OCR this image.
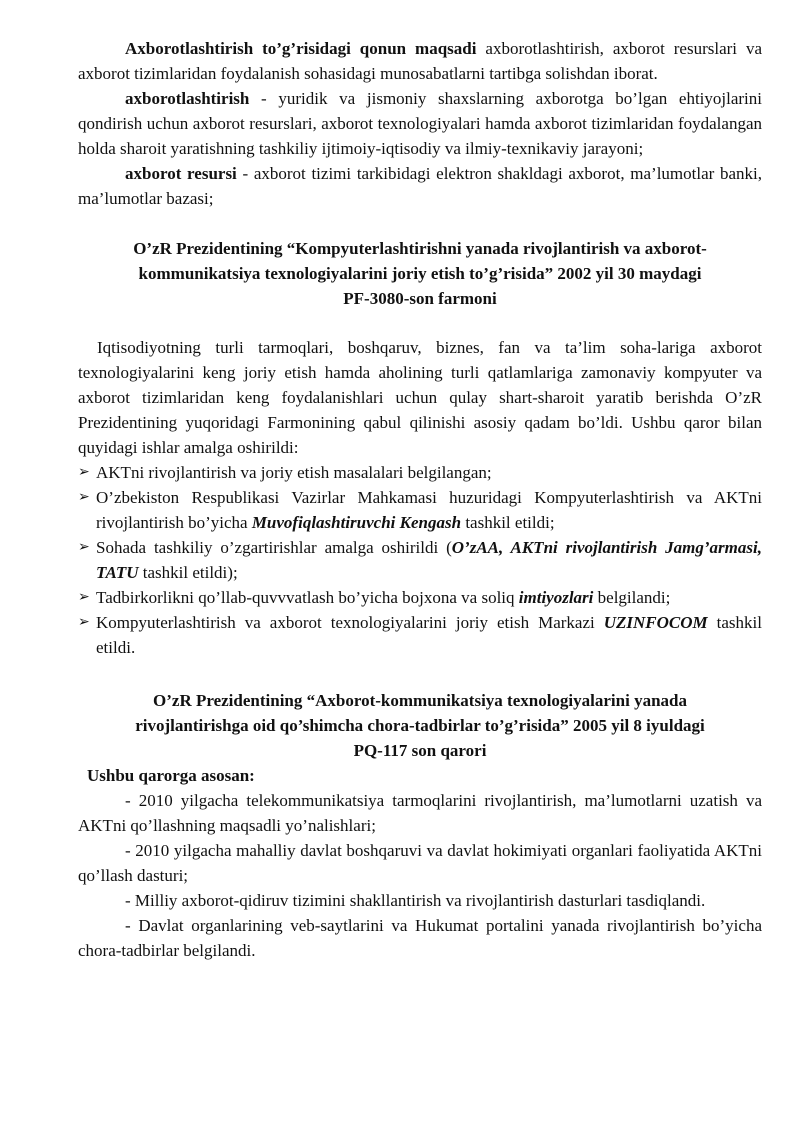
Axborotlashtirish to’g’risidagi qonun maqsadi axborotlashtirish, axborot resurslari va axborot tizimlaridan foydalanish sohasidagi munosabatlarni tartibga solishdan iborat.

axborotlashtirish - yuridik va jismoniy shaxslarning axborotga bo’lgan ehtiyojlarini qondirish uchun axborot resurslari, axborot texnologiyalari hamda axborot tizimlaridan foydalangan holda sharoit yaratishning tashkiliy ijtimoiy-iqtisodiy va ilmiy-texnikaviy jarayoni;

axborot resursi - axborot tizimi tarkibidagi elektron shakldagi axborot, ma’lumotlar banki, ma’lumotlar bazasi;

O’zR Prezidentining “Kompyuterlashtirishni yanada rivojlantirish va axborot-
kommunikatsiya texnologiyalarini joriy etish to’g’risida” 2002 yil 30 maydagi
PF-3080-son farmoni

Iqtisodiyotning turli tarmoqlari, boshqaruv, biznes, fan va ta’lim soha-lariga axborot texnologiyalarini keng joriy etish hamda aholining turli qatlamlariga zamonaviy kompyuter va axborot tizimlaridan keng foydalanishlari uchun qulay shart-sharoit yaratib berishda O’zR Prezidentining yuqoridagi Farmonining qabul qilinishi asosiy qadam bo’ldi. Ushbu qaror bilan quyidagi ishlar amalga oshirildi:

➢ AKTni rivojlantirish va joriy etish masalalari belgilangan;
➢ O’zbekiston Respublikasi Vazirlar Mahkamasi huzuridagi Kompyuterlashtirish va AKTni rivojlantirish bo’yicha Muvofiqlashtiruvchi Kengash tashkil etildi;
➢ Sohada tashkiliy o’zgartirishlar amalga oshirildi (O’zAA, AKTni rivojlantirish Jamg’armasi, TATU tashkil etildi);
➢ Tadbirkorlikni qo’llab-quvvvatlash bo’yicha bojxona va soliq imtiyozlari belgilandi;
➢ Kompyuterlashtirish va axborot texnologiyalarini joriy etish Markazi UZINFOCOM tashkil etildi.
O’zR Prezidentining “Axborot-kommunikatsiya texnologiyalarini yanada
rivojlantirishga oid qo’shimcha chora-tadbirlar to’g’risida” 2005 yil 8 iyuldagi
PQ-117 son qarori

Ushbu qarorga asosan:

- 2010 yilgacha telekommunikatsiya tarmoqlarini rivojlantirish, ma’lumotlarni uzatish va AKTni qo’llashning maqsadli yo’nalishlari;

- 2010 yilgacha mahalliy davlat boshqaruvi va davlat hokimiyati organlari faoliyatida AKTni qo’llash dasturi;

- Milliy axborot-qidiruv tizimini shakllantirish va rivojlantirish dasturlari tasdiqlandi.

- Davlat organlarining veb-saytlarini va Hukumat portalini yanada rivojlantirish bo’yicha chora-tadbirlar belgilandi.
